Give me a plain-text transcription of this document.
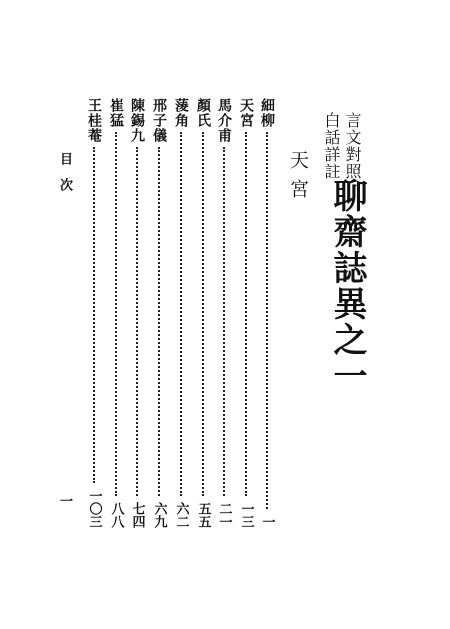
言文對照
白話詳註
聊齋誌異之一
天宮
細柳
一
天宮
一三
馬介甫
二一
顏氏
五五
蔆角
六二
邢子儀
六九
陳錫九
七四
崔猛
八八
王桂菴
一〇三
目　次
一
